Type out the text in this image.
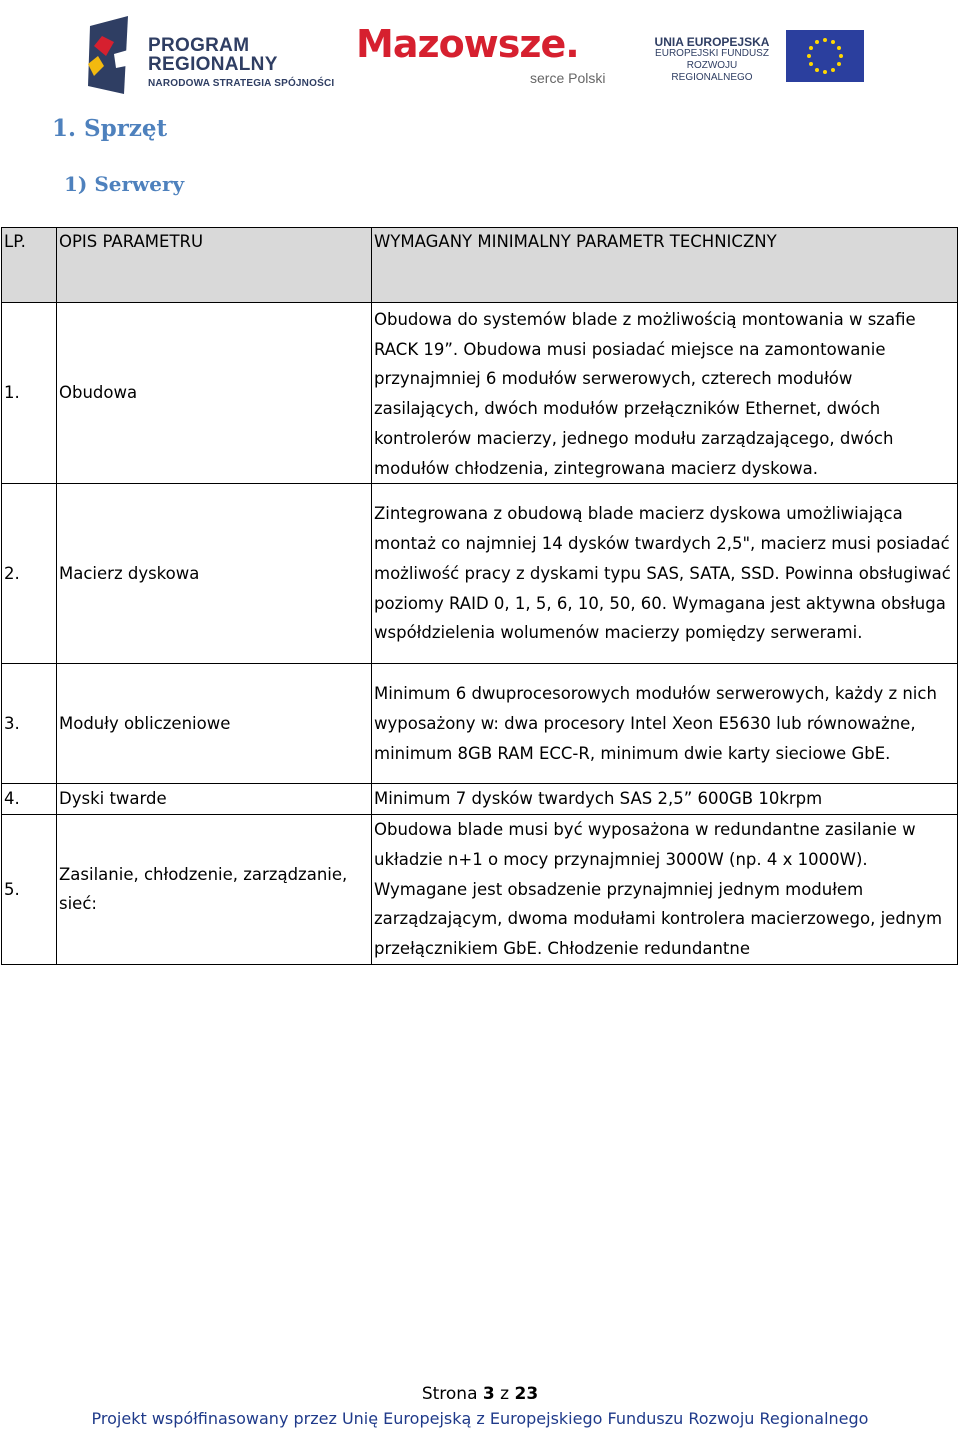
PROGRAM
REGIONALNY
NARODOWA STRATEGIA SPÓJNOŚCI
Mazowsze.
serce Polski
UNIA EUROPEJSKA
EUROPEJSKI FUNDUSZ
ROZWOJU REGIONALNEGO
1. Sprzęt
1) Serwery
LP.	OPIS PARAMETRU	WYMAGANY MINIMALNY PARAMETR TECHNICZNY

1.	Obudowa	Obudowa do systemów blade z możliwością montowania w szafie RACK 19”. Obudowa musi posiadać miejsce na zamontowanie przynajmniej 6 modułów serwerowych, czterech modułów zasilających, dwóch modułów przełączników Ethernet, dwóch kontrolerów macierzy, jednego modułu zarządzającego, dwóch modułów chłodzenia, zintegrowana macierz dyskowa.
2.	Macierz dyskowa	Zintegrowana z obudową blade macierz dyskowa umożliwiająca montaż co najmniej 14 dysków twardych 2,5", macierz musi posiadać możliwość pracy z dyskami typu SAS, SATA, SSD. Powinna obsługiwać poziomy RAID 0, 1, 5, 6, 10, 50, 60. Wymagana jest aktywna obsługa współdzielenia wolumenów macierzy pomiędzy serwerami.
3.	Moduły obliczeniowe	Minimum 6 dwuprocesorowych modułów serwerowych, każdy z nich wyposażony w: dwa procesory Intel Xeon E5630 lub równoważne, minimum 8GB RAM ECC-R, minimum dwie karty sieciowe GbE.
4.	Dyski twarde	Minimum 7 dysków twardych SAS 2,5” 600GB 10krpm
5.	Zasilanie, chłodzenie, zarządzanie, sieć:	Obudowa blade musi być wyposażona w redundantne zasilanie w układzie n+1 o mocy przynajmniej 3000W (np. 4 x 1000W). Wymagane jest obsadzenie przynajmniej jednym modułem zarządzającym, dwoma modułami kontrolera macierzowego, jednym przełącznikiem GbE. Chłodzenie redundantne
Strona 3 z 23
Projekt współfinasowany przez Unię Europejską z Europejskiego Funduszu Rozwoju Regionalnego
